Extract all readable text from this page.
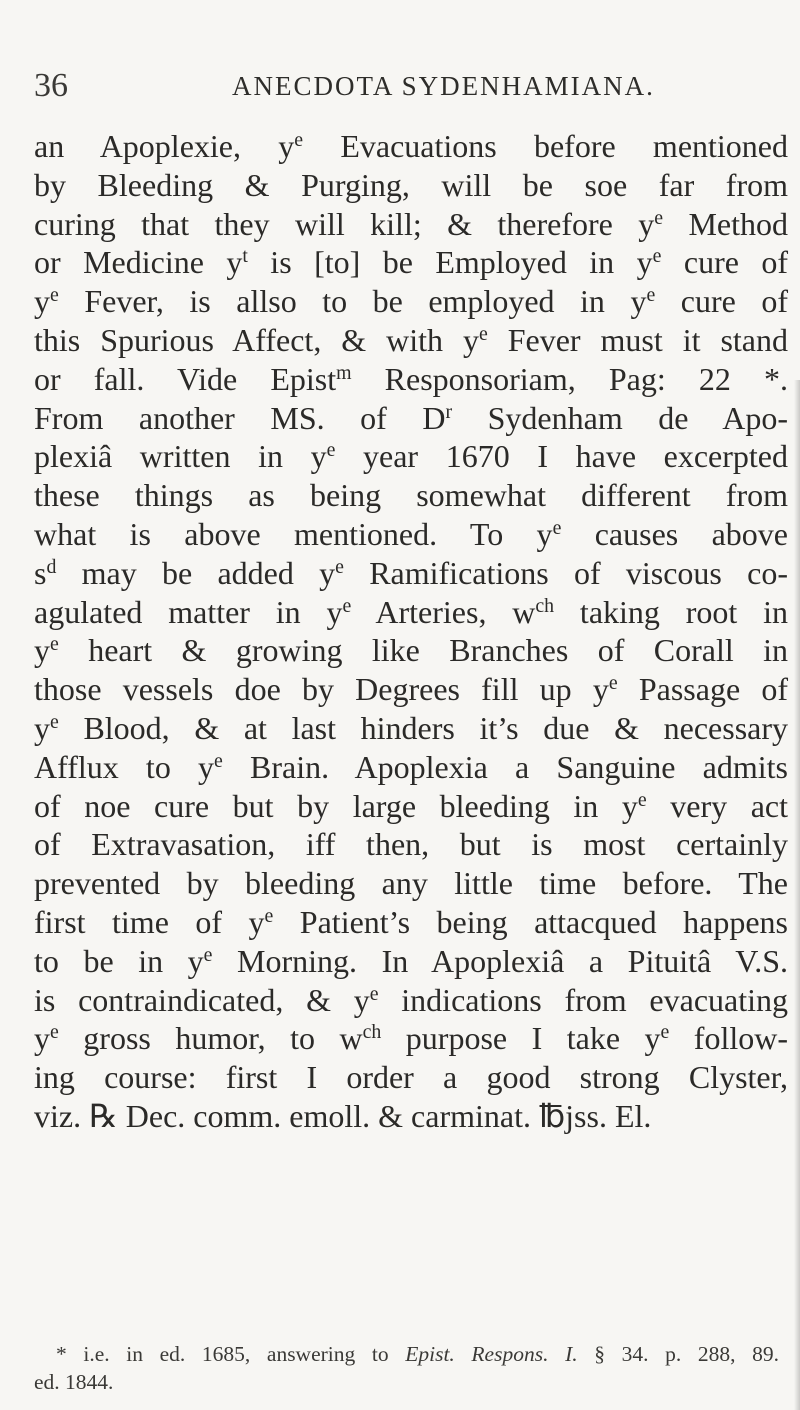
36	ANECDOTA SYDENHAMIANA.
an Apoplexie, $y^e$ Evacuations before mentioned
by Bleeding & Purging, will be soe far from
curing that they will kill; & therefore $y^e$ Method
or Medicine $y^t$ is [to] be Employed in $y^e$ cure of
$y^e$ Fever, is allso to be employed in $y^e$ cure of
this Spurious Affect, & with $y^e$ Fever must it stand
or fall. Vide Epist$^m$ Responsoriam, Pag: 22 *.
From another MS. of $D^r$ Sydenham de Apo-
plexiâ written in $y^e$ year 1670 I have excerpted
these things as being somewhat different from
what is above mentioned. To $y^e$ causes above
$s^d$ may be added $y^e$ Ramifications of viscous co-
agulated matter in $y^e$ Arteries, $w^{ch}$ taking root in
$y^e$ heart & growing like Branches of Corall in
those vessels doe by Degrees fill up $y^e$ Passage of
$y^e$ Blood, & at last hinders it’s due & necessary
Afflux to $y^e$ Brain. Apoplexia a Sanguine admits
of noe cure but by large bleeding in $y^e$ very act
of Extravasation, iff then, but is most certainly
prevented by bleeding any little time before. The
first time of $y^e$ Patient’s being attacqued happens
to be in $y^e$ Morning. In Apoplexiâ a Pituitâ V.S.
is contraindicated, & $y^e$ indications from evacuating
$y^e$ gross humor, to $w^{ch}$ purpose I take $y^e$ follow-
ing course: first I order a good strong Clyster,
viz. ℞ Dec. comm. emoll. & carminat. ℔jss. El.
* i.e. in ed. 1685, answering to Epist. Respons. I. § 34. p. 288, 89.
ed. 1844.
